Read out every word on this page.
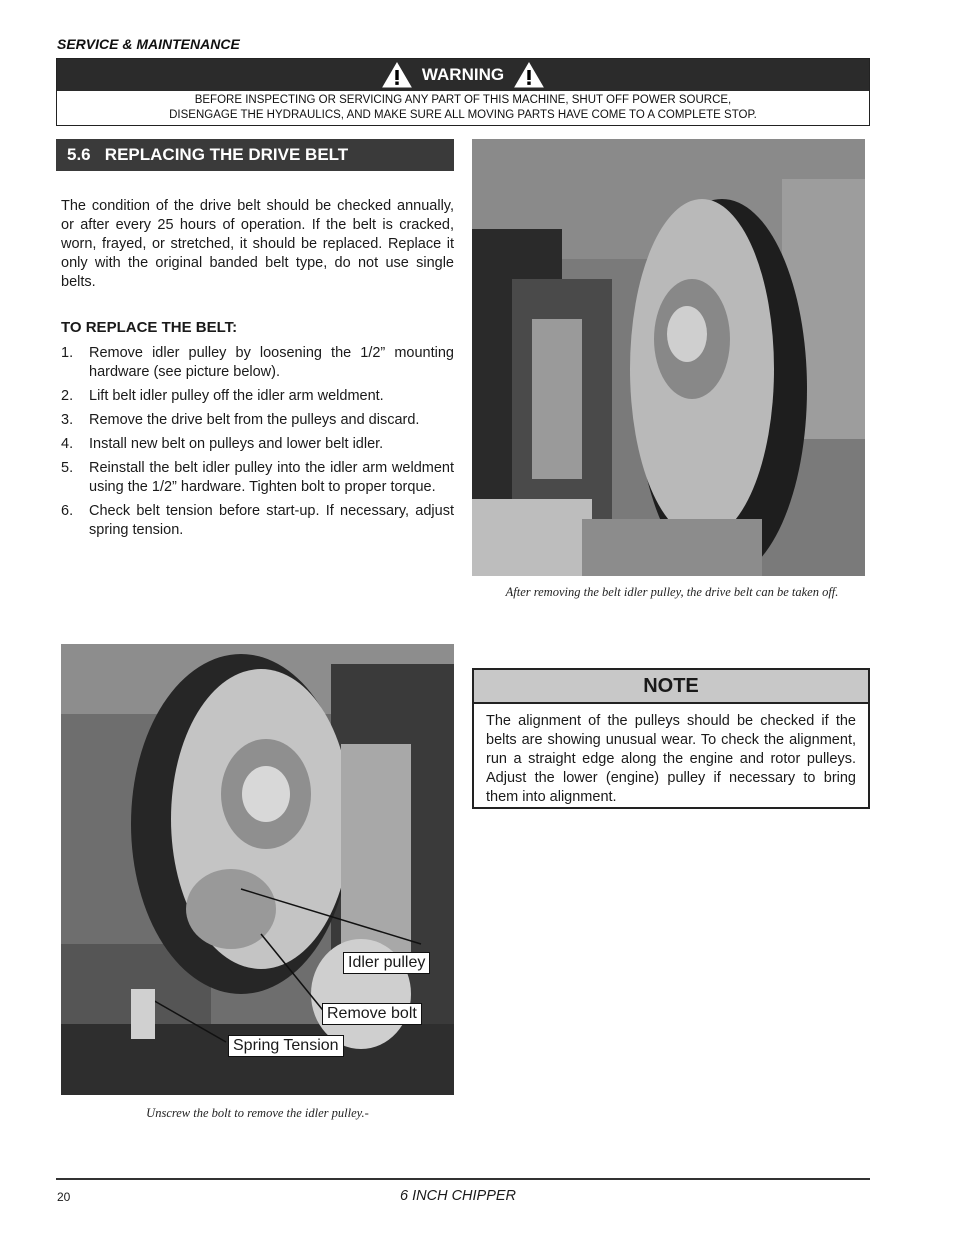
SERVICE & MAINTENANCE
WARNING
BEFORE INSPECTING OR SERVICING ANY PART OF THIS MACHINE, SHUT OFF POWER SOURCE,
DISENGAGE THE HYDRAULICS, AND MAKE SURE ALL MOVING PARTS HAVE COME TO A COMPLETE STOP.
5.6   REPLACING THE DRIVE BELT

The condition of the drive belt should be checked annually, or after every 25 hours of operation. If the belt is cracked, worn, frayed, or stretched, it should be replaced. Replace it only with the original banded belt type, do not use single belts.

TO REPLACE THE BELT:
1.	Remove idler pulley by loosening the 1/2” mounting hardware (see picture below).
2.	Lift belt idler pulley off the idler arm weldment.
3.	Remove the drive belt from the pulleys and discard.
4.	Install new belt on pulleys and lower belt idler.
5.	Reinstall the belt idler pulley into the idler arm weldment using the 1/2” hardware. Tighten bolt to proper torque.
6.	Check belt tension before start-up. If necessary, adjust spring tension.
After removing the belt idler pulley, the drive belt can be taken off.
Idler pulley
Remove bolt
Spring Tension
Unscrew the bolt to remove the idler pulley.-
NOTE
The alignment of the pulleys should be checked if the belts are showing unusual wear. To check the alignment, run a straight edge along the engine and rotor pulleys. Adjust the lower (engine) pulley if necessary to bring them into alignment.
20	6 INCH CHIPPER
